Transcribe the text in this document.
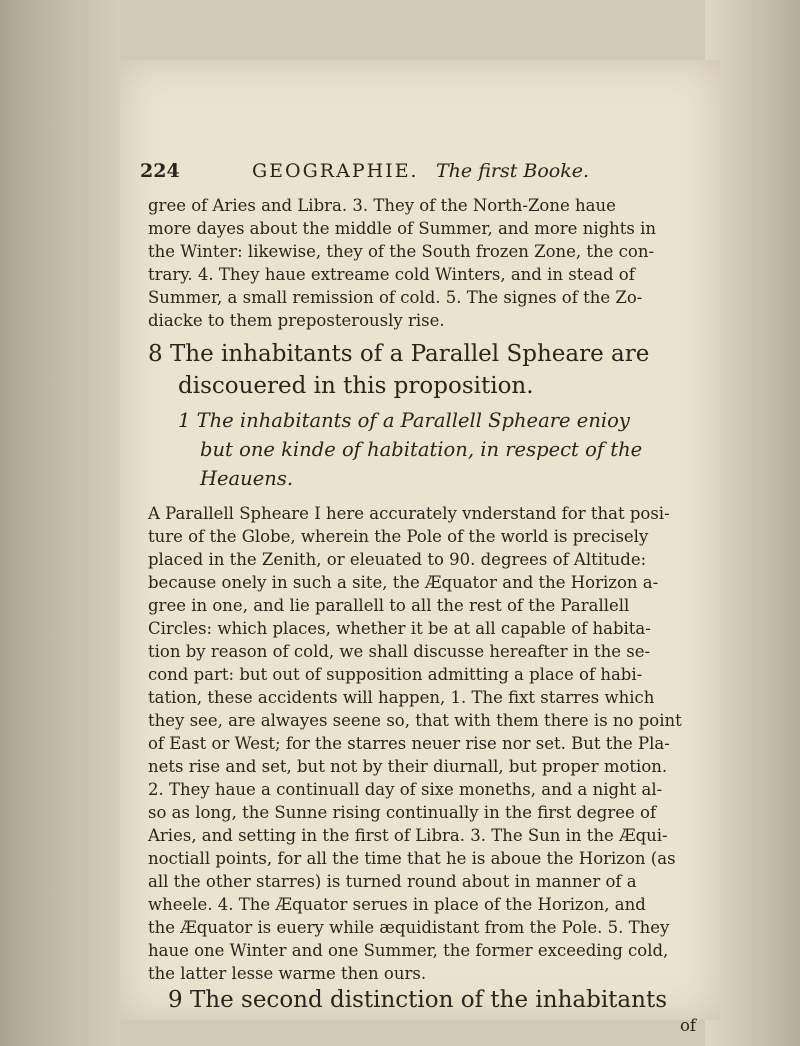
224	GEOGRAPHIE. The first Booke.
gree of Aries and Libra. 3. They of the North-Zone haue
more dayes about the middle of Summer, and more nights in
the Winter: likewise, they of the South frozen Zone, the con-
trary. 4. They haue extreame cold Winters, and in stead of
Summer, a small remission of cold. 5. The signes of the Zo-
diacke to them preposterously rise.
8 The inhabitants of a Parallel Spheare are
discouered in this proposition.
1 The inhabitants of a Parallell Spheare enioy
but one kinde of habitation, in respect of the
Heauens.
A Parallell Spheare I here accurately vnderstand for that posi-
ture of the Globe, wherein the Pole of the world is precisely
placed in the Zenith, or eleuated to 90. degrees of Altitude:
because onely in such a site, the Æquator and the Horizon a-
gree in one, and lie parallell to all the rest of the Parallell
Circles: which places, whether it be at all capable of habita-
tion by reason of cold, we shall discusse hereafter in the se-
cond part: but out of supposition admitting a place of habi-
tation, these accidents will happen, 1. The fixt starres which
they see, are alwayes seene so, that with them there is no point
of East or West; for the starres neuer rise nor set. But the Pla-
nets rise and set, but not by their diurnall, but proper motion.
2. They haue a continuall day of sixe moneths, and a night al-
so as long, the Sunne rising continually in the first degree of
Aries, and setting in the first of Libra. 3. The Sun in the Æqui-
noctiall points, for all the time that he is aboue the Horizon (as
all the other starres) is turned round about in manner of a
wheele. 4. The Æquator serues in place of the Horizon, and
the Æquator is euery while æquidistant from the Pole. 5. They
haue one Winter and one Summer, the former exceeding cold,
the latter lesse warme then ours.
9 The second distinction of the inhabitants
of
